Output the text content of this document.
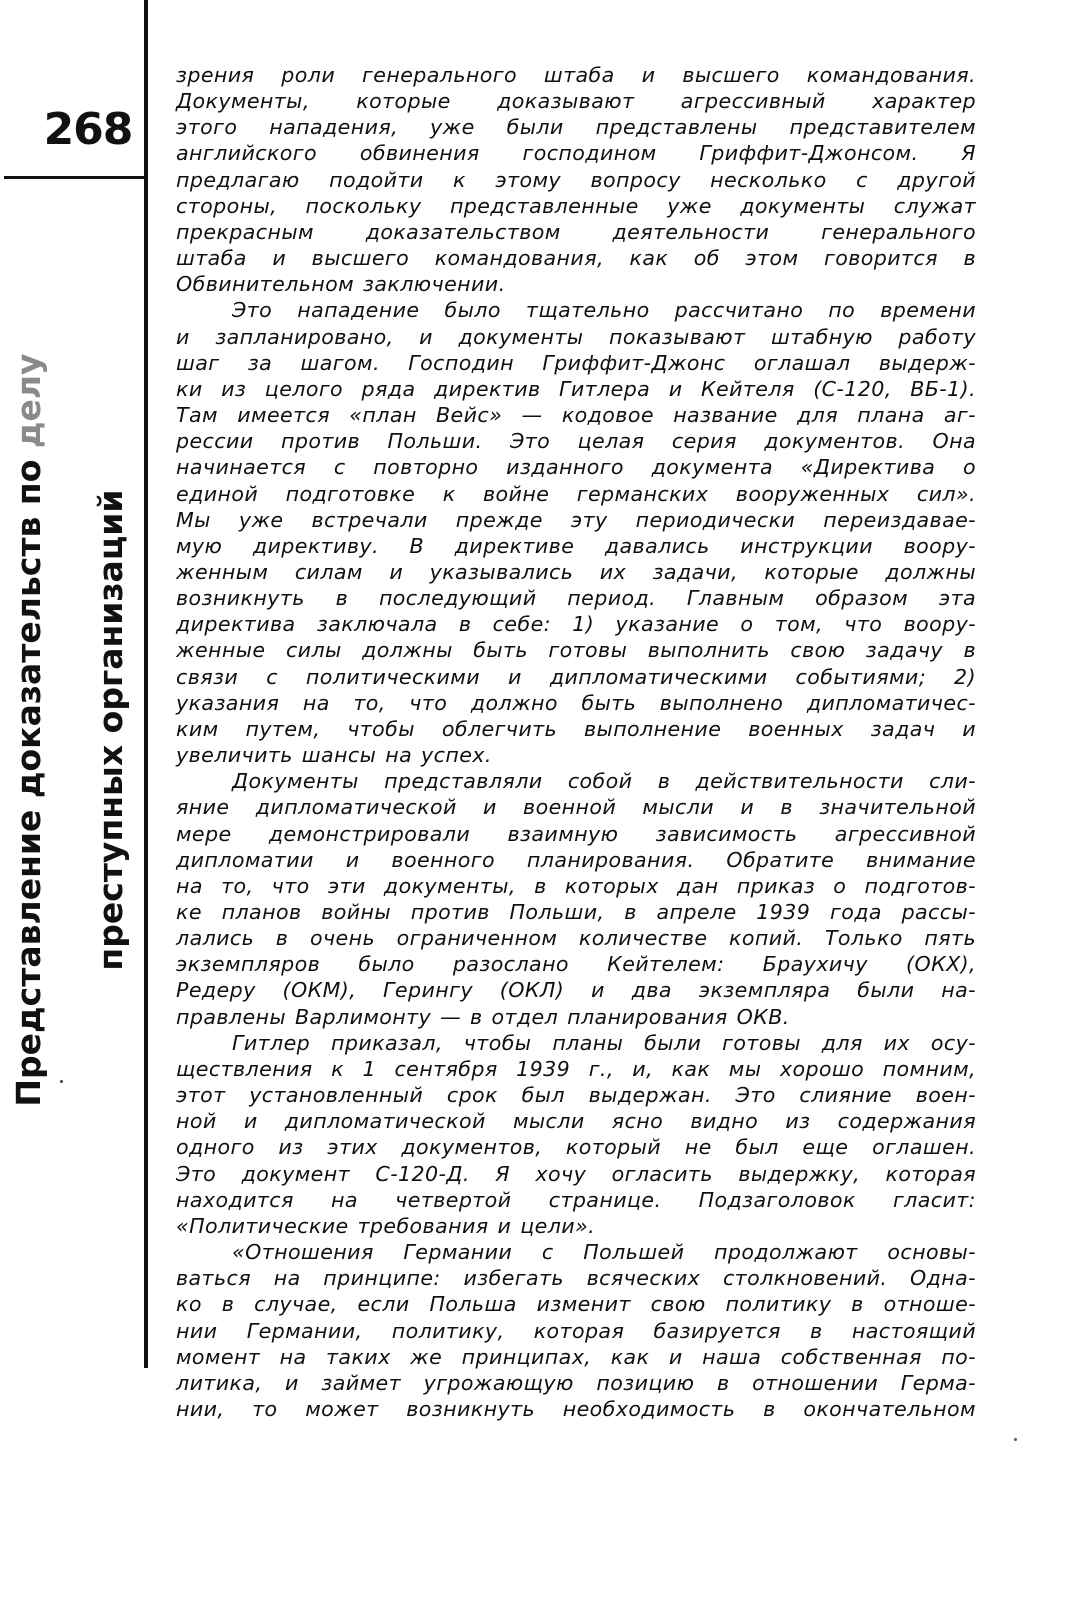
268
Представление доказательств по делу
преступных организаций

зрения роли генерального штаба и высшего командования.

Документы, которые доказывают агрессивный характер

этого нападения, уже были представлены представителем

английского обвинения господином Гриффит-Джонсом. Я

предлагаю подойти к этому вопросу несколько с другой

стороны, поскольку представленные уже документы служат

прекрасным доказательством деятельности генерального

штаба и высшего командования, как об этом говорится в

Обвинительном заключении.

Это нападение было тщательно рассчитано по времени

и запланировано, и документы показывают штабную работу

шаг за шагом. Господин Гриффит-Джонс оглашал выдерж-

ки из целого ряда директив Гитлера и Кейтеля (С-120, ВБ-1).

Там имеется «план Вейс» — кодовое название для плана аг-

рессии против Польши. Это целая серия документов. Она

начинается с повторно изданного документа «Директива о

единой подготовке к войне германских вооруженных сил».

Мы уже встречали прежде эту периодически переиздавае-

мую директиву. В директиве давались инструкции воору-

женным силам и указывались их задачи, которые должны

возникнуть в последующий период. Главным образом эта

директива заключала в себе: 1) указание о том, что воору-

женные силы должны быть готовы выполнить свою задачу в

связи с политическими и дипломатическими событиями; 2)

указания на то, что должно быть выполнено дипломатичес-

ким путем, чтобы облегчить выполнение военных задач и

увеличить шансы на успех.

Документы представляли собой в действительности сли-

яние дипломатической и военной мысли и в значительной

мере демонстрировали взаимную зависимость агрессивной

дипломатии и военного планирования. Обратите внимание

на то, что эти документы, в которых дан приказ о подготов-

ке планов войны против Польши, в апреле 1939 года рассы-

лались в очень ограниченном количестве копий. Только пять

экземпляров было разослано Кейтелем: Браухичу (ОКХ),

Редеру (ОКМ), Герингу (ОКЛ) и два экземпляра были на-

правлены Варлимонту — в отдел планирования ОКВ.

Гитлер приказал, чтобы планы были готовы для их осу-

ществления к 1 сентября 1939 г., и, как мы хорошо помним,

этот установленный срок был выдержан. Это слияние воен-

ной и дипломатической мысли ясно видно из содержания

одного из этих документов, который не был еще оглашен.

Это документ С-120-Д. Я хочу огласить выдержку, которая

находится на четвертой странице. Подзаголовок гласит:

«Политические требования и цели».

«Отношения Германии с Польшей продолжают основы-

ваться на принципе: избегать всяческих столкновений. Одна-

ко в случае, если Польша изменит свою политику в отноше-

нии Германии, политику, которая базируется в настоящий

момент на таких же принципах, как и наша собственная по-

литика, и займет угрожающую позицию в отношении Герма-

нии, то может возникнуть необходимость в окончательном
